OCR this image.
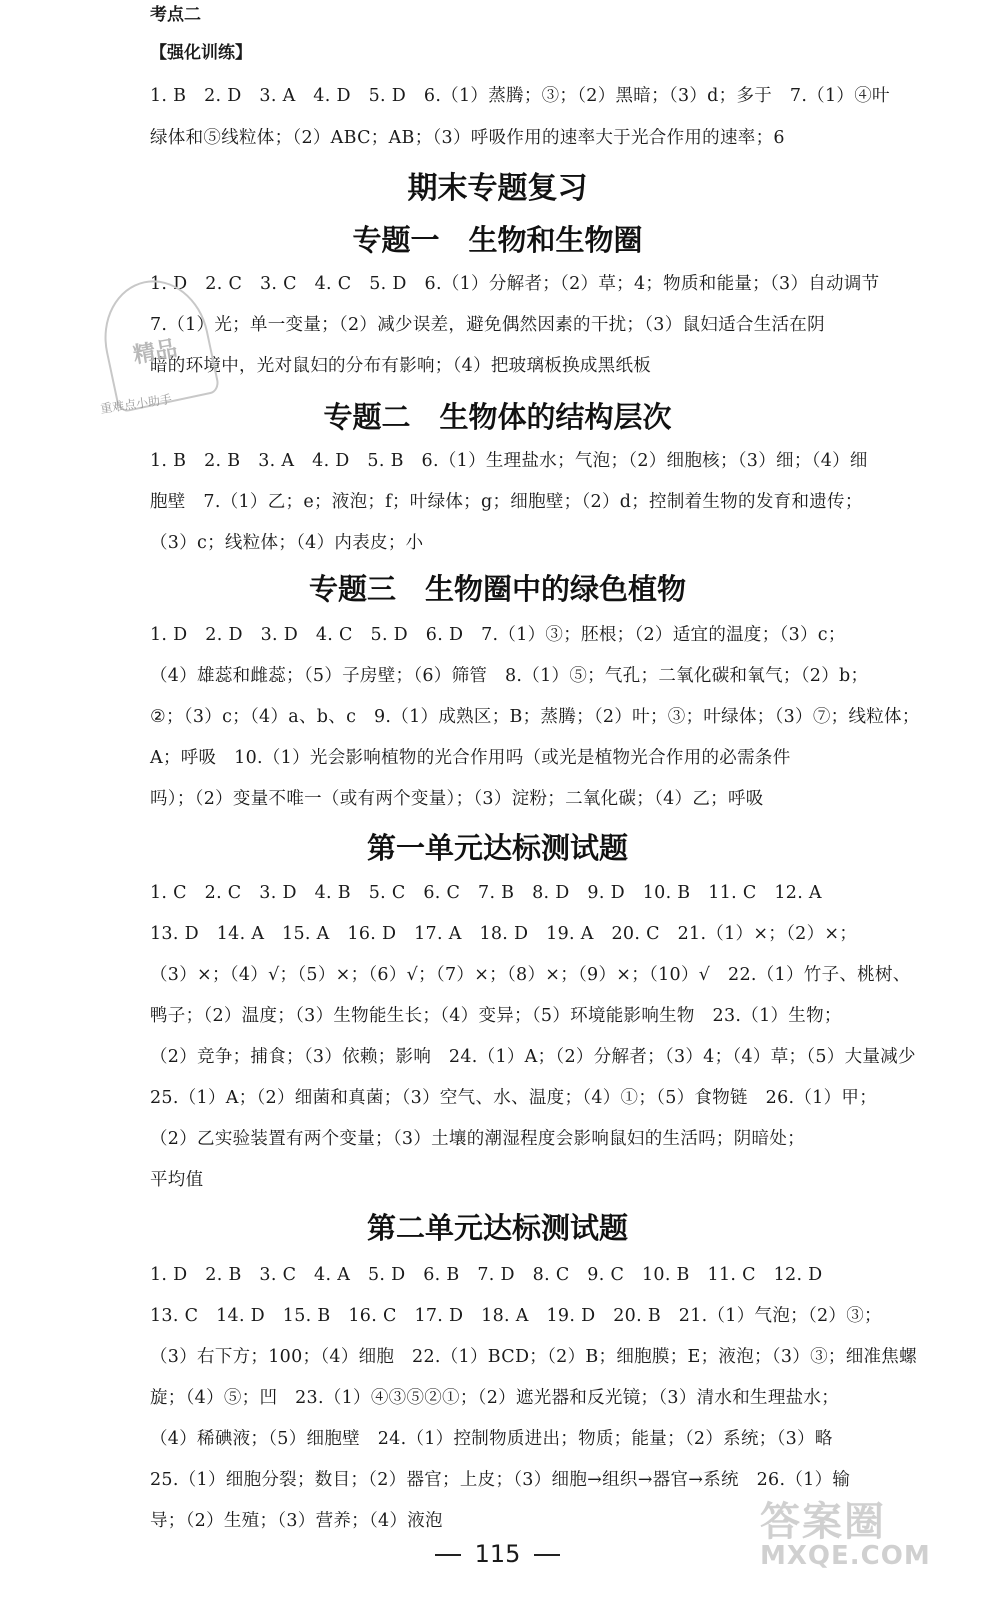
考点二
【强化训练】
1. B　2. D　3. A　4. D　5. D　6.（1）蒸腾；③；（2）黑暗；（3）d；多于　7.（1）④叶
绿体和⑤线粒体；（2）ABC；AB；（3）呼吸作用的速率大于光合作用的速率；6
期末专题复习
专题一　生物和生物圈
1. D　2. C　3. C　4. C　5. D　6.（1）分解者；（2）草；4；物质和能量；（3）自动调节
7.（1）光；单一变量；（2）减少误差，避免偶然因素的干扰；（3）鼠妇适合生活在阴
暗的环境中，光对鼠妇的分布有影响；（4）把玻璃板换成黑纸板
专题二　生物体的结构层次
1. B　2. B　3. A　4. D　5. B　6.（1）生理盐水；气泡；（2）细胞核；（3）细；（4）细
胞壁　7.（1）乙；e；液泡；f；叶绿体；g；细胞壁；（2）d；控制着生物的发育和遗传；
（3）c；线粒体；（4）内表皮；小
专题三　生物圈中的绿色植物
1. D　2. D　3. D　4. C　5. D　6. D　7.（1）③；胚根；（2）适宜的温度；（3）c；
（4）雄蕊和雌蕊；（5）子房壁；（6）筛管　8.（1）⑤；气孔；二氧化碳和氧气；（2）b；
②；（3）c；（4）a、b、c　9.（1）成熟区；B；蒸腾；（2）叶；③；叶绿体；（3）⑦；线粒体；
A；呼吸　10.（1）光会影响植物的光合作用吗（或光是植物光合作用的必需条件
吗）；（2）变量不唯一（或有两个变量）；（3）淀粉；二氧化碳；（4）乙；呼吸
第一单元达标测试题
1. C　2. C　3. D　4. B　5. C　6. C　7. B　8. D　9. D　10. B　11. C　12. A
13. D　14. A　15. A　16. D　17. A　18. D　19. A　20. C　21.（1）×；（2）×；
（3）×；（4）√；（5）×；（6）√；（7）×；（8）×；（9）×；（10）√　22.（1）竹子、桃树、
鸭子；（2）温度；（3）生物能生长；（4）变异；（5）环境能影响生物　23.（1）生物；
（2）竞争；捕食；（3）依赖；影响　24.（1）A；（2）分解者；（3）4；（4）草；（5）大量减少
25.（1）A；（2）细菌和真菌；（3）空气、水、温度；（4）①；（5）食物链　26.（1）甲；
（2）乙实验装置有两个变量；（3）土壤的潮湿程度会影响鼠妇的生活吗；阴暗处；
平均值
第二单元达标测试题
1. D　2. B　3. C　4. A　5. D　6. B　7. D　8. C　9. C　10. B　11. C　12. D
13. C　14. D　15. B　16. C　17. D　18. A　19. D　20. B　21.（1）气泡；（2）③；
（3）右下方；100；（4）细胞　22.（1）BCD；（2）B；细胞膜；E；液泡；（3）③；细准焦螺
旋；（4）⑤；凹　23.（1）④③⑤②①；（2）遮光器和反光镜；（3）清水和生理盐水；
（4）稀碘液；（5）细胞壁　24.（1）控制物质进出；物质；能量；（2）系统；（3）略
25.（1）细胞分裂；数目；（2）器官；上皮；（3）细胞→组织→器官→系统　26.（1）输
导；（2）生殖；（3）营养；（4）液泡
精品
重难点小助手
115
答案圈
MXQE.COM
